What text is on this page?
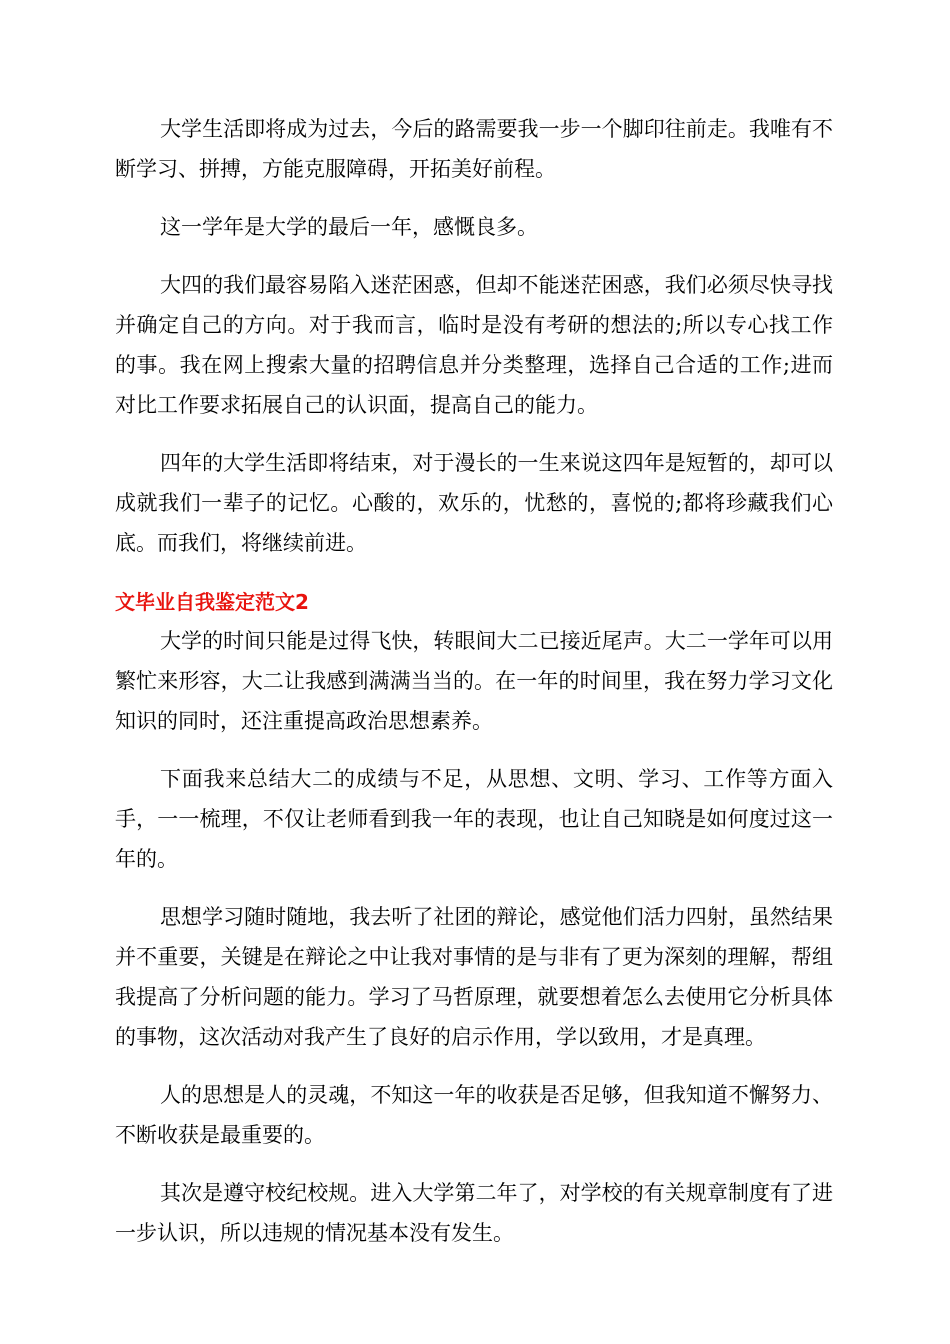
大学生活即将成为过去，今后的路需要我一步一个脚印往前走。我唯有不断学习、拼搏，方能克服障碍，开拓美好前程。

这一学年是大学的最后一年，感慨良多。

大四的我们最容易陷入迷茫困惑，但却不能迷茫困惑，我们必须尽快寻找并确定自己的方向。对于我而言，临时是没有考研的想法的;所以专心找工作的事。我在网上搜索大量的招聘信息并分类整理，选择自己合适的工作;进而对比工作要求拓展自己的认识面，提高自己的能力。

四年的大学生活即将结束，对于漫长的一生来说这四年是短暂的，却可以成就我们一辈子的记忆。心酸的，欢乐的，忧愁的，喜悦的;都将珍藏我们心底。而我们，将继续前进。

文毕业自我鉴定范文2

大学的时间只能是过得飞快，转眼间大二已接近尾声。大二一学年可以用繁忙来形容，大二让我感到满满当当的。在一年的时间里，我在努力学习文化知识的同时，还注重提高政治思想素养。

下面我来总结大二的成绩与不足，从思想、文明、学习、工作等方面入手，一一梳理，不仅让老师看到我一年的表现，也让自己知晓是如何度过这一年的。

思想学习随时随地，我去听了社团的辩论，感觉他们活力四射，虽然结果并不重要，关键是在辩论之中让我对事情的是与非有了更为深刻的理解，帮组我提高了分析问题的能力。学习了马哲原理，就要想着怎么去使用它分析具体的事物，这次活动对我产生了良好的启示作用，学以致用，才是真理。

人的思想是人的灵魂，不知这一年的收获是否足够，但我知道不懈努力、不断收获是最重要的。

其次是遵守校纪校规。进入大学第二年了，对学校的有关规章制度有了进一步认识，所以违规的情况基本没有发生。
